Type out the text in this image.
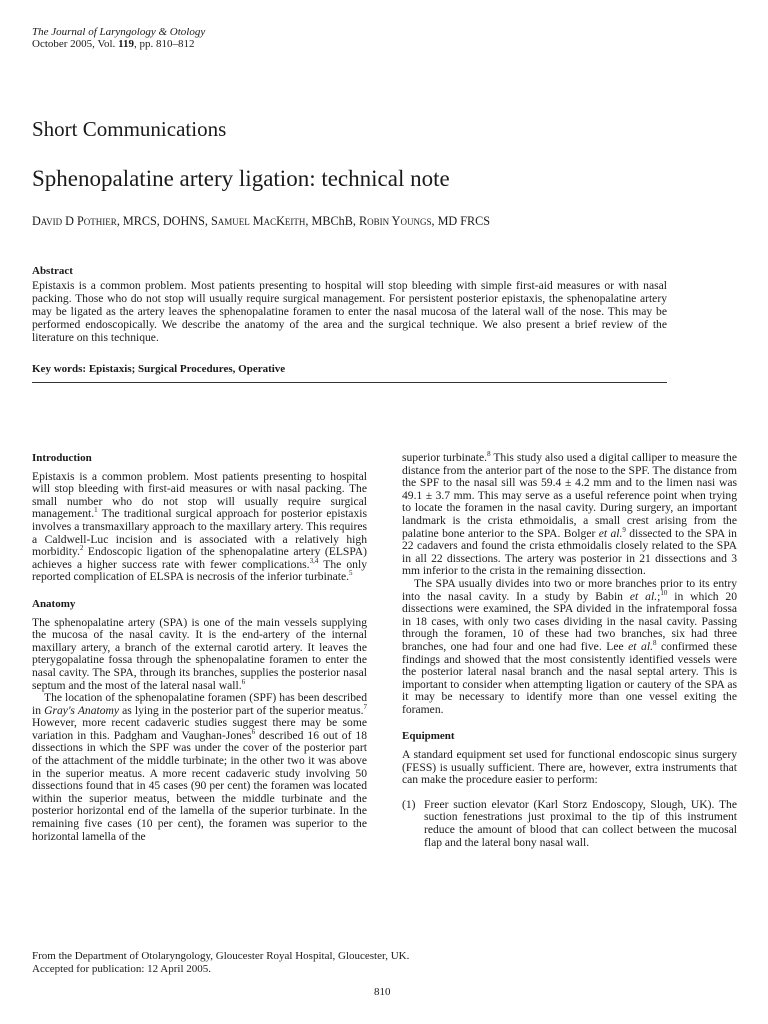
The Journal of Laryngology & Otology
October 2005, Vol. 119, pp. 810–812
Short Communications
Sphenopalatine artery ligation: technical note
David D Pothier, MRCS, DOHNS, Samuel MacKeith, MBChB, Robin Youngs, MD FRCS
Abstract
Epistaxis is a common problem. Most patients presenting to hospital will stop bleeding with simple first-aid measures or with nasal packing. Those who do not stop will usually require surgical management. For persistent posterior epistaxis, the sphenopalatine artery may be ligated as the artery leaves the sphenopalatine foramen to enter the nasal mucosa of the lateral wall of the nose. This may be performed endoscopically. We describe the anatomy of the area and the surgical technique. We also present a brief review of the literature on this technique.
Key words: Epistaxis; Surgical Procedures, Operative
Introduction

Epistaxis is a common problem. Most patients presenting to hospital will stop bleeding with first-aid measures or with nasal packing. The small number who do not stop will usually require surgical management.$^1$ The traditional surgical approach for posterior epistaxis involves a transmaxillary approach to the maxillary artery. This requires a Caldwell-Luc incision and is associated with a relatively high morbidity.$^2$ Endoscopic ligation of the sphenopalatine artery (ELSPA) achieves a higher success rate with fewer complications.$^{3,4}$ The only reported complication of ELSPA is necrosis of the inferior turbinate.$^5$

Anatomy

The sphenopalatine artery (SPA) is one of the main vessels supplying the mucosa of the nasal cavity. It is the end-artery of the internal maxillary artery, a branch of the external carotid artery. It leaves the pterygopalatine fossa through the sphenopalatine foramen to enter the nasal cavity. The SPA, through its branches, supplies the posterior nasal septum and the most of the lateral nasal wall.$^6$

The location of the sphenopalatine foramen (SPF) has been described in Gray's Anatomy as lying in the posterior part of the superior meatus.$^7$ However, more recent cadaveric studies suggest there may be some variation in this. Padgham and Vaughan-Jones$^6$ described 16 out of 18 dissections in which the SPF was under the cover of the posterior part of the attachment of the middle turbinate; in the other two it was above in the superior meatus. A more recent cadaveric study involving 50 dissections found that in 45 cases (90 per cent) the foramen was located within the superior meatus, between the middle turbinate and the posterior horizontal end of the lamella of the superior turbinate. In the remaining five cases (10 per cent), the foramen was superior to the horizontal lamella of the

superior turbinate.$^8$ This study also used a digital calliper to measure the distance from the anterior part of the nose to the SPF. The distance from the SPF to the nasal sill was 59.4 ± 4.2 mm and to the limen nasi was 49.1 ± 3.7 mm. This may serve as a useful reference point when trying to locate the foramen in the nasal cavity. During surgery, an important landmark is the crista ethmoidalis, a small crest arising from the palatine bone anterior to the SPA. Bolger et al.$^9$ dissected to the SPA in 22 cadavers and found the crista ethmoidalis closely related to the SPA in all 22 dissections. The artery was posterior in 21 dissections and 3 mm inferior to the crista in the remaining dissection.

The SPA usually divides into two or more branches prior to its entry into the nasal cavity. In a study by Babin et al.;$^{10}$ in which 20 dissections were examined, the SPA divided in the infratemporal fossa in 18 cases, with only two cases dividing in the nasal cavity. Passing through the foramen, 10 of these had two branches, six had three branches, one had four and one had five. Lee et al.$^8$ confirmed these findings and showed that the most consistently identified vessels were the posterior lateral nasal branch and the nasal septal artery. This is important to consider when attempting ligation or cautery of the SPA as it may be necessary to identify more than one vessel exiting the foramen.

Equipment

A standard equipment set used for functional endoscopic sinus surgery (FESS) is usually sufficient. There are, however, extra instruments that can make the procedure easier to perform:

(1) Freer suction elevator (Karl Storz Endoscopy, Slough, UK). The suction fenestrations just proximal to the tip of this instrument reduce the amount of blood that can collect between the mucosal flap and the lateral bony nasal wall.
From the Department of Otolaryngology, Gloucester Royal Hospital, Gloucester, UK.
Accepted for publication: 12 April 2005.
810
